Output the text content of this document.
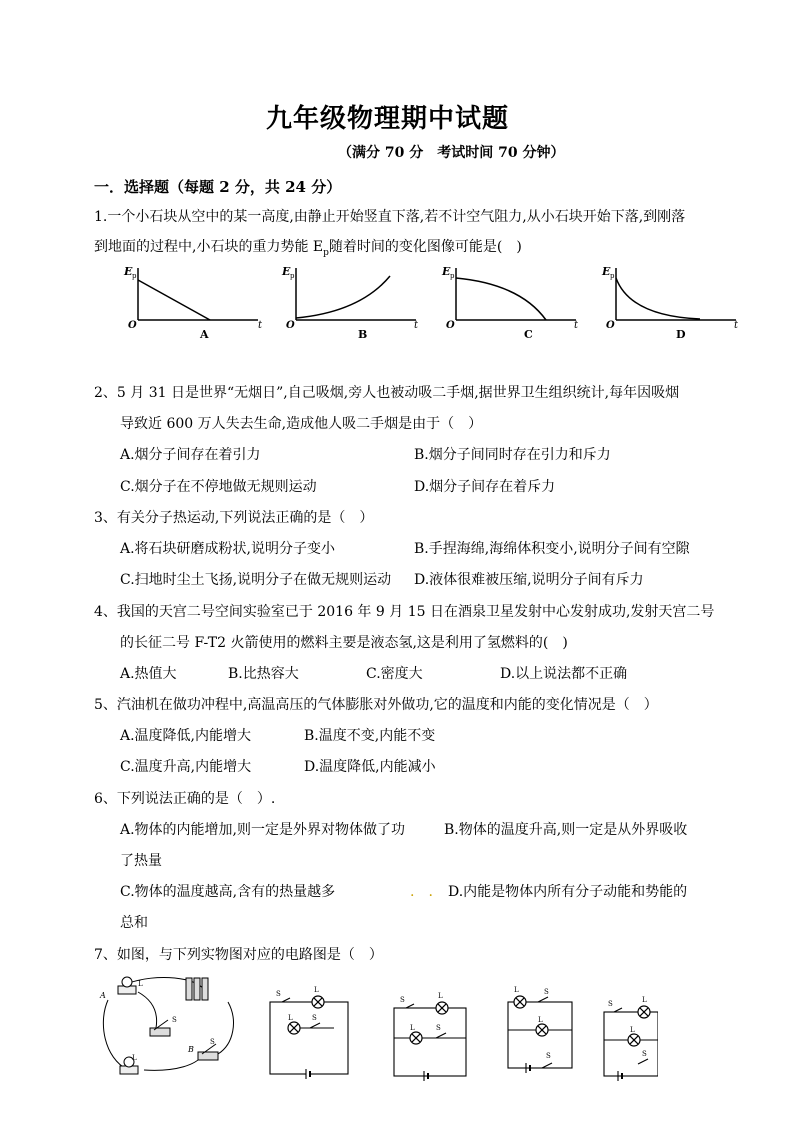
九年级物理期中试题
（满分 70 分　考试时间 70 分钟）
一．选择题（每题 2 分，共 24 分）
1.一个小石块从空中的某一高度,由静止开始竖直下落,若不计空气阻力,从小石块开始下落,到刚落
到地面的过程中,小石块的重力势能 $E_p$随着时间的变化图像可能是(　)
E p
O	t
A
E p
O	t
B
E p
O	t
C
E p
O	t
D
2、5 月 31 日是世界“无烟日”,自己吸烟,旁人也被动吸二手烟,据世界卫生组织统计,每年因吸烟
导致近 600 万人失去生命,造成他人吸二手烟是由于（　）
A.烟分子间存在着引力	B.烟分子间同时存在引力和斥力
C.烟分子在不停地做无规则运动	D.烟分子间存在着斥力
3、有关分子热运动,下列说法正确的是（　）
A.将石块研磨成粉状,说明分子变小	B.手捏海绵,海绵体积变小,说明分子间有空隙
C.扫地时尘土飞扬,说明分子在做无规则运动 D.液体很难被压缩,说明分子间有斥力
4、我国的天宫二号空间实验室已于 2016 年 9 月 15 日在酒泉卫星发射中心发射成功,发射天宫二号
的长征二号 F-T2 火箭使用的燃料主要是液态氢,这是利用了氢燃料的(　)
A.热值大	B.比热容大	C.密度大	D.以上说法都不正确
5、汽油机在做功冲程中,高温高压的气体膨胀对外做功,它的温度和内能的变化情况是（　）
A.温度降低,内能增大	B.温度不变,内能不变
C.温度升高,内能增大	D.温度降低,内能减小
6、下列说法正确的是（　）.
A.物体的内能增加,则一定是外界对物体做了功	B.物体的温度升高,则一定是从外界吸收
了热量
C.物体的温度越高,含有的热量越多	.　. D.内能是物体内所有分子动能和势能的
总和
7、如图，与下列实物图对应的电路图是（　）
A
B
L
L
S
S
S	L
L	S
S	L
L	S
L	S
L
S
S	L
L
S
